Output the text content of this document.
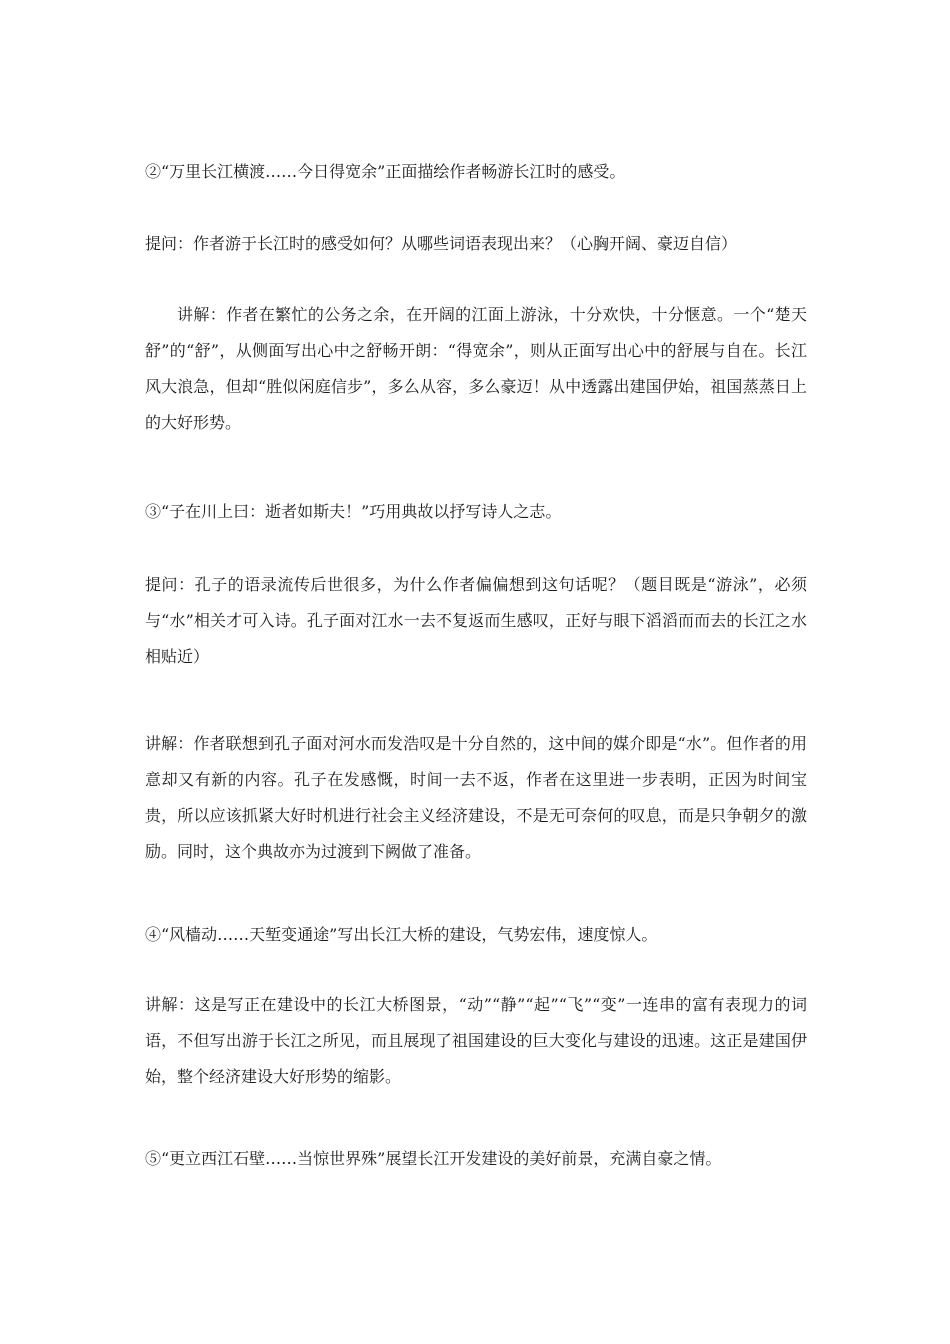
②“万里长江横渡……今日得宽余”正面描绘作者畅游长江时的感受。

提问：作者游于长江时的感受如何？从哪些词语表现出来？（心胸开阔、豪迈自信）

讲解：作者在繁忙的公务之余，在开阔的江面上游泳，十分欢快，十分惬意。一个“楚天舒”的“舒”，从侧面写出心中之舒畅开朗：“得宽余”，则从正面写出心中的舒展与自在。长江风大浪急，但却“胜似闲庭信步”，多么从容，多么豪迈！从中透露出建国伊始，祖国蒸蒸日上的大好形势。

③“子在川上曰：逝者如斯夫！”巧用典故以抒写诗人之志。

提问：孔子的语录流传后世很多，为什么作者偏偏想到这句话呢？（题目既是“游泳”，必须与“水”相关才可入诗。孔子面对江水一去不复返而生感叹，正好与眼下滔滔而而去的长江之水相贴近）

讲解：作者联想到孔子面对河水而发浩叹是十分自然的，这中间的媒介即是“水”。但作者的用意却又有新的内容。孔子在发感慨，时间一去不返，作者在这里进一步表明，正因为时间宝贵，所以应该抓紧大好时机进行社会主义经济建设，不是无可奈何的叹息，而是只争朝夕的激励。同时，这个典故亦为过渡到下阙做了准备。

④“风樯动……天堑变通途”写出长江大桥的建设，气势宏伟，速度惊人。

讲解：这是写正在建设中的长江大桥图景，“动”“静”“起”“飞”“变”一连串的富有表现力的词语，不但写出游于长江之所见，而且展现了祖国建设的巨大变化与建设的迅速。这正是建国伊始，整个经济建设大好形势的缩影。

⑤“更立西江石壁……当惊世界殊”展望长江开发建设的美好前景，充满自豪之情。
